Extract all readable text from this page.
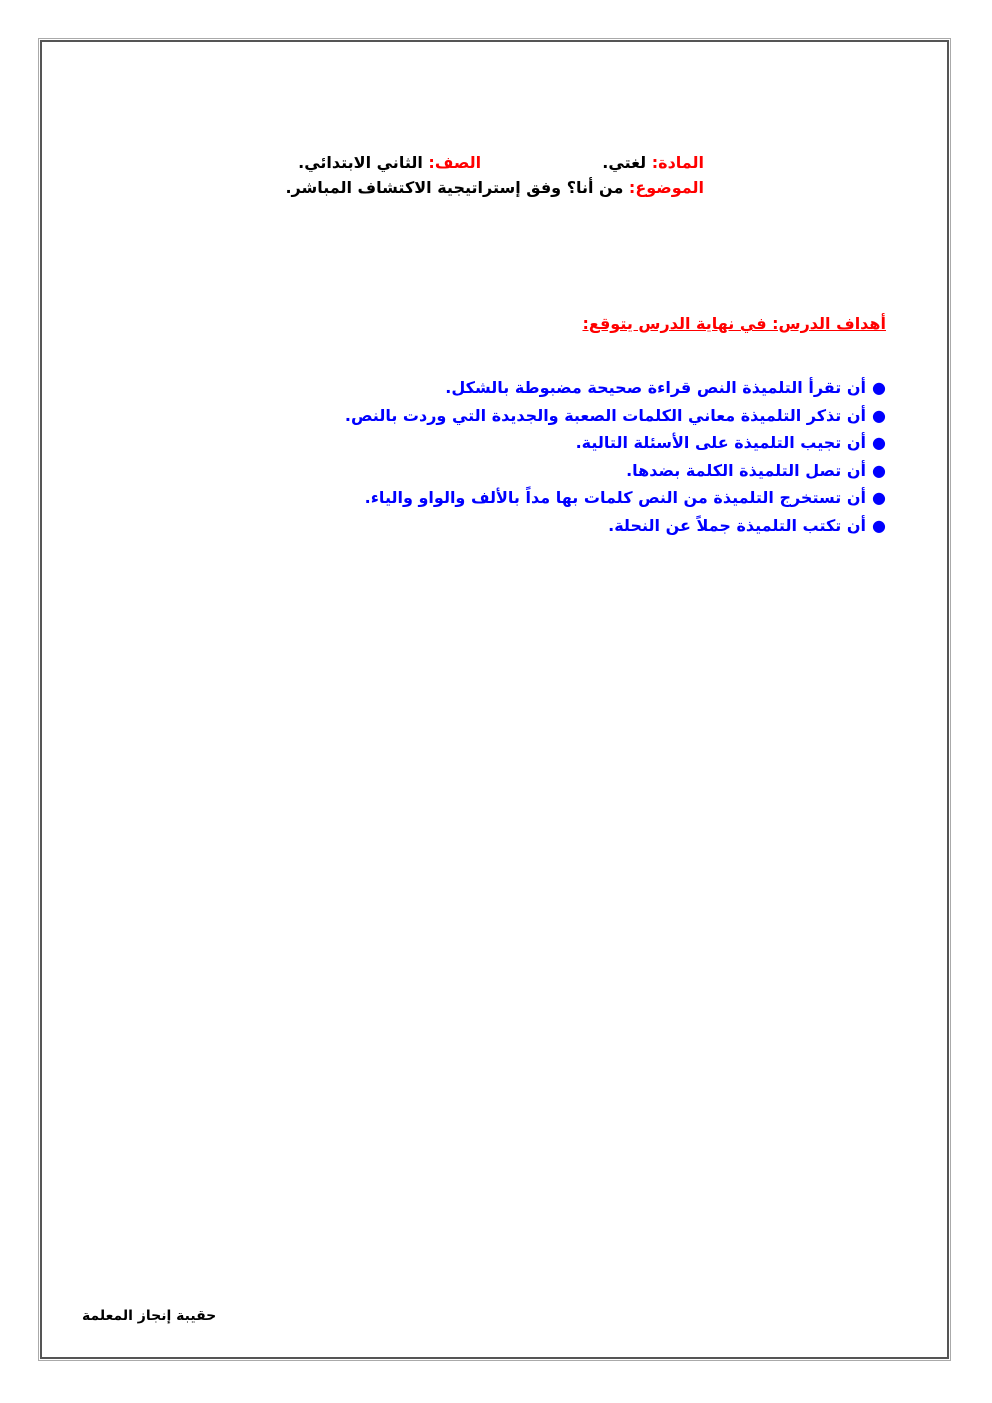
المادة: لغتي.  الصف: الثاني الابتدائي.
الموضوع: من أنا؟ وفق إستراتيجية الاكتشاف المباشر.
أهداف الدرس: في نهاية الدرس يتوقع:
●
أن تقرأ التلميذة النص قراءة صحيحة مضبوطة بالشكل.
●
أن تذكر التلميذة معاني الكلمات الصعبة والجديدة التي وردت بالنص.
●
أن تجيب التلميذة على الأسئلة التالية.
●
أن تصل التلميذة الكلمة بضدها.
●
أن تستخرج التلميذة من النص كلمات بها مداً بالألف والواو والياء.
●
أن تكتب التلميذة جملاً عن النحلة.
حقيبة إنجاز المعلمة
